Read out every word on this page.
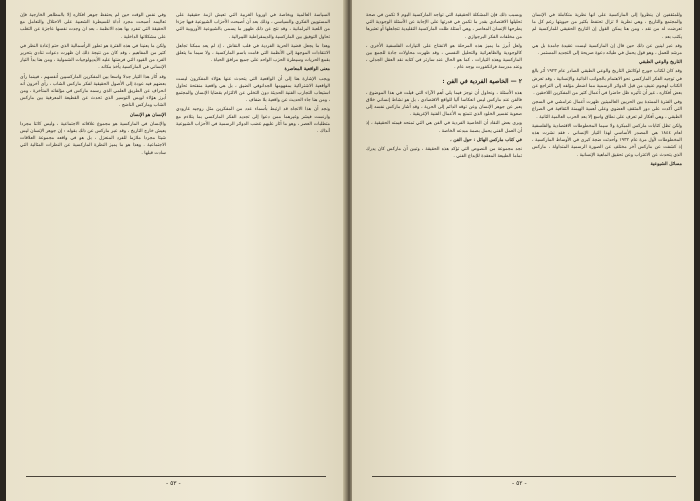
وفي نفس الوقت حين لم يحتفظ جوهر أفكاره إلا بالمظاهر الخارجية فإن تعاليمه أصبحت مجرد أداة للسيطرة الشعبية على الاحتلال والتعامل مع الحقيقة التي تنفرد بها هذه الانظمة ، بعد ان وجدت نفسها عاجزة عن التغلب على مشكلاتها الداخلية .

ولكن ما يعنينا في هذه الفترة هو تطور الرأسمالية الذي حتم إعادة النظر في كثير من المفاهيم ، وقد كان من نتيجة ذلك ان ظهرت دعوات تنادي بتحرير الفرد من القيود التي فرضتها عليه الأيديولوجيات الشمولية ، ومن هنا بدأ التيار الإنساني في الماركسية يأخذ مكانه .

وقد أثار هذا التيار جدلا واسعا بين المفكرين الماركسيين أنفسهم ، فبينما رأى بعضهم فيه عودة إلى الأصول الحقيقية لفكر ماركس الشاب ، رأى آخرون أنه انحراف عن الطريق العلمي الذي رسمه ماركس في مؤلفاته المتأخرة ، ومن أبرز هؤلاء لويس التوسير الذي تحدث عن القطيعة المعرفية بين ماركس الشاب وماركس الناضج .

الإنسان هو الإنسان

والإنسان في الماركسية هو مجموع علاقاته الاجتماعية ، وليس كائنا مجردا يعيش خارج التاريخ ، وقد عبر ماركس عن ذلك بقوله : إن جوهر الإنسان ليس شيئا مجردا ملازما للفرد المنعزل ، بل هو في واقعه مجموعة العلاقات الاجتماعية . وهذا هو ما يميز النظرة الماركسية عن النظرات المثالية التي سادت قبلها .

السياسة العالمية وبخاصة في أوروبا الغربية التي تعيش أزمة حقيقية على المستويين الفكري والسياسي ، وذلك بعد أن أصبحت الأحزاب الشيوعية فيها جزءا من اللعبة البرلمانية ، وقد نتج عن ذلك ظهور ما يسمى بالشيوعية الأوروبية التي تحاول التوفيق بين الماركسية والديمقراطية الليبرالية .

وهذا ما يجعل قضية الحرية الفردية في قلب النقاش ، إذ لم يعد ممكنا تجاهل الانتقادات الموجهة إلى الأنظمة التي قامت باسم الماركسية ، ولا سيما ما يتعلق بقمع الحريات وسيطرة الحزب الواحد على جميع مرافق الحياة .

معنى الواقعية المعاصرة

ويجب الإشارة هنا إلى أن الواقعية التي يتحدث عنها هؤلاء المفكرون ليست الواقعية الاشتراكية بمفهومها الجدانوفي الضيق ، بل هي واقعية منفتحة تحاول استيعاب التجارب الفنية الحديثة دون التخلي عن الالتزام بقضايا الإنسان والمجتمع ، ومن هنا جاء الحديث عن واقعية بلا ضفاف .

ونجد أن هذا الاتجاه قد ارتبط بأسماء عدد من المفكرين مثل روجيه غارودي وارنست فيشر وغيرهما ممن دعوا إلى تجديد الفكر الماركسي بما يتلاءم مع متطلبات العصر ، وهو ما أثار عليهم غضب الدوائر الرسمية في الأحزاب الشيوعية آنذاك .

- ٥٣ -

وبسبب ذلك فإن المشكلة الحقيقية التي تواجه الماركسية اليوم لا تكمن في صحة تحليلها الاقتصادي بقدر ما تكمن في قدرتها على الإجابة عن الأسئلة الوجودية التي يطرحها الإنسان المعاصر ، وهي أسئلة ظلت الماركسية التقليدية تتجاهلها أو تعتبرها من مخلفات الفكر البرجوازي .

ولعل أبرز ما يميز هذه المرحلة هو الانفتاح على التيارات الفلسفية الأخرى ، كالوجودية والظاهراتية والتحليل النفسي ، وقد ظهرت محاولات جادة للجمع بين الماركسية وهذه التيارات ، كما هو الحال عند سارتر في كتابه نقد العقل الجدلي ، وعند مدرسة فرانكفورت بوجه عام .

٢ — الخاصية الفردية في الفن :

هذه الأسئلة ، ونحاول أن نوجز فيما يلي أهم الآراء التي قيلت في هذا الموضوع ، فالفن عند ماركس ليس انعكاسا آليا للواقع الاقتصادي ، بل هو نشاط إنساني خلاق يعبر عن جوهر الإنسان وعن توقه الدائم إلى الحرية ، وقد أشار ماركس نفسه إلى صعوبة تفسير الخلود الذي تتمتع به الأعمال الفنية الإغريقية .

ويرى بعض النقاد أن الخاصية الفردية في الفن هي التي تمنحه قيمته الحقيقية ، إذ أن العمل الفني يحمل بصمة مبدعه الخاصة .

في كتاب ماركس الهائل : حول الفن ،

نجد مجموعة من النصوص التي تؤكد هذه الحقيقة ، وتبين أن ماركس كان يدرك تماما الطبيعة المعقدة للإبداع الفني .

وللمثقفين أن ينظروا إلى الماركسية على أنها نظرية متكاملة في الإنسان والمجتمع والتاريخ ، وهي نظرية لا تزال تحتفظ بكثير من حيويتها رغم كل ما تعرضت له من نقد ، ومن هنا يمكن القول إن التاريخ الحقيقي للماركسية لم يكتب بعد .

وقد عبر لينين عن ذلك حين قال إن الماركسية ليست عقيدة جامدة بل هي مرشد للعمل ، وهو قول يحمل في طياته دعوة صريحة إلى التجديد المستمر .

التاريخ والوعي الطبقي

وقد كان لكتاب جورج لوكاتش التاريخ والوعي الطبقي الصادر عام ١٩٢٣ أثر بالغ في توجيه الفكر الماركسي نحو الاهتمام بالجوانب الذاتية والإنسانية ، وقد تعرض الكتاب لهجوم عنيف من قبل الدوائر الرسمية مما اضطر مؤلفه إلى التراجع عن بعض أفكاره ، غير أن تأثيره ظل حاضرا في أعمال كثير من المفكرين اللاحقين .

وفي الفترة الممتدة بين الحربين العالميتين ظهرت أعمال غرامشي في السجن التي أكدت على دور المثقف العضوي وعلى أهمية الهيمنة الثقافية في الصراع الطبقي ، وهي أفكار لم تعرف على نطاق واسع إلا بعد الحرب العالمية الثانية .

ولكن تظل كتابات ماركس المبكرة ولا سيما المخطوطات الاقتصادية والفلسفية لعام ١٨٤٤ هي المصدر الأساسي لهذا التيار الإنساني ، فقد نشرت هذه المخطوطات لأول مرة عام ١٩٣٢ وأحدثت ضجة كبرى في الأوساط الماركسية ، إذ كشفت عن ماركس آخر مختلف عن الصورة الرسمية المتداولة ، ماركس الذي يتحدث عن الاغتراب وعن تحقيق الماهية الإنسانية .

مسائل الشيوعية

- ٥٢ -
